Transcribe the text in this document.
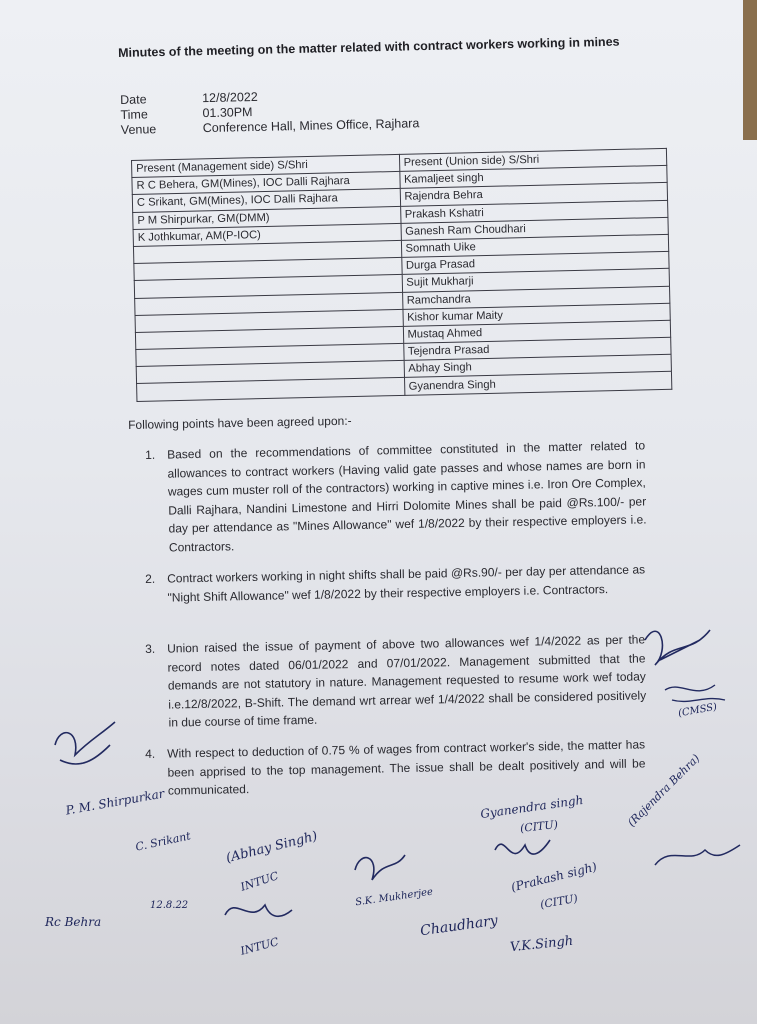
Minutes of the meeting on the matter related with contract workers working in mines
Date	12/8/2022
Time	01.30PM
Venue	Conference Hall, Mines Office, Rajhara
Present (Management side) S/Shri	Present (Union side) S/Shri
R C Behera, GM(Mines), IOC Dalli Rajhara	Kamaljeet singh
C Srikant, GM(Mines), IOC Dalli Rajhara	Rajendra Behra
P M Shirpurkar, GM(DMM)	Prakash Kshatri
K Jothkumar, AM(P-IOC)	Ganesh Ram Choudhari
	Somnath Uike
	Durga Prasad
	Sujit Mukharji
	Ramchandra
	Kishor kumar Maity
	Mustaq Ahmed
	Tejendra Prasad
	Abhay Singh
	Gyanendra Singh
Following points have been agreed upon:-
1. Based on the recommendations of committee constituted in the matter related to allowances to contract workers (Having valid gate passes and whose names are born in wages cum muster roll of the contractors) working in captive mines i.e. Iron Ore Complex, Dalli Rajhara, Nandini Limestone and Hirri Dolomite Mines shall be paid @Rs.100/- per day per attendance as "Mines Allowance" wef 1/8/2022 by their respective employers i.e. Contractors.
2. Contract workers working in night shifts shall be paid @Rs.90/- per day per attendance as "Night Shift Allowance" wef 1/8/2022 by their respective employers i.e. Contractors.
3. Union raised the issue of payment of above two allowances wef 1/4/2022 as per the record notes dated 06/01/2022 and 07/01/2022. Management submitted that the demands are not statutory in nature. Management requested to resume work wef today i.e.12/8/2022, B-Shift. The demand wrt arrear wef 1/4/2022 shall be considered positively in due course of time frame.
4. With respect to deduction of 0.75 % of wages from contract worker's side, the matter has been apprised to the top management. The issue shall be dealt positively and will be communicated.
P. M. Shirpurkar
C. Srikant
Rc Behra
12.8.22
(Abhay Singh)
INTUC
INTUC
S.K. Mukherjee
Chaudhary
Gyanendra singh
(CITU)
(Prakash sigh)
(CITU)
V.K.Singh
(Rajendra Behra)
(CMSS)
